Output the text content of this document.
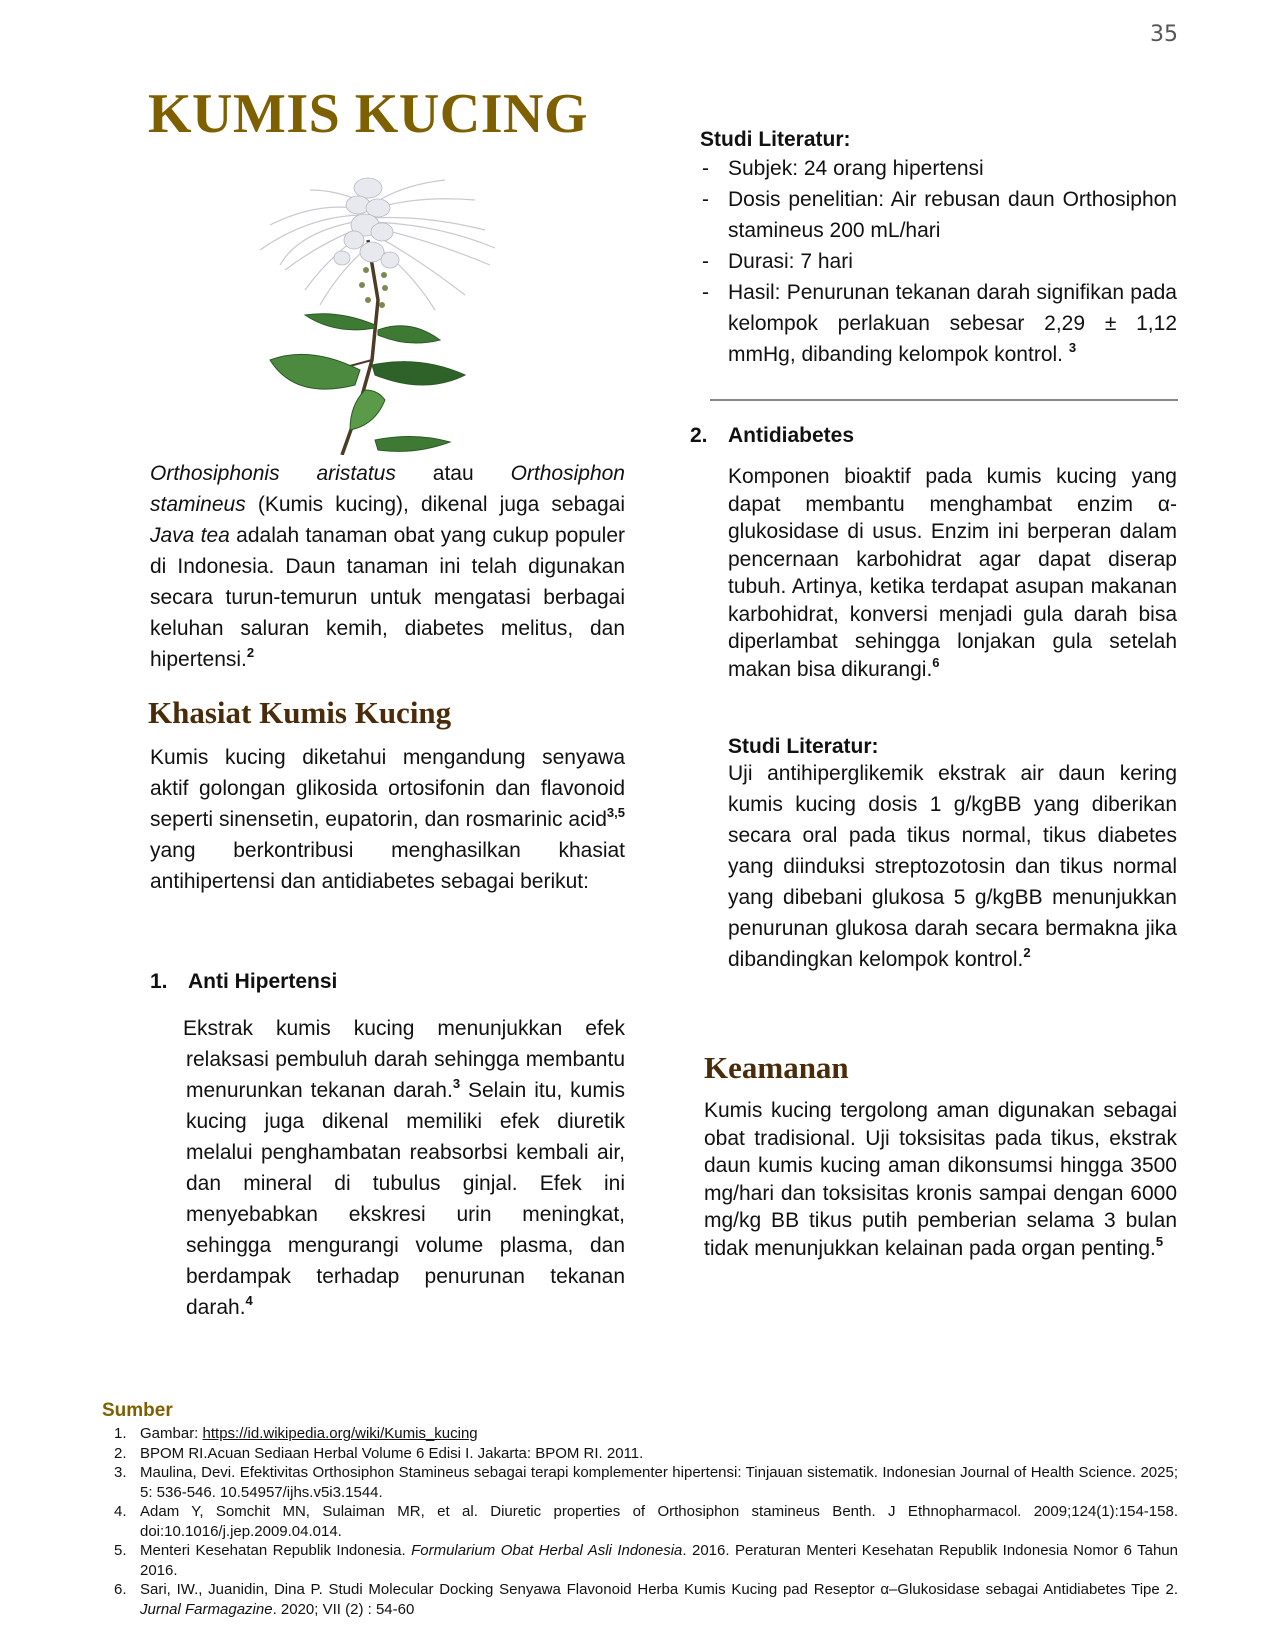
35
KUMIS KUCING
Orthosiphonis aristatus atau Orthosiphon stamineus (Kumis kucing), dikenal juga sebagai Java tea adalah tanaman obat yang cukup populer di Indonesia. Daun tanaman ini telah digunakan secara turun-temurun untuk mengatasi berbagai keluhan saluran kemih, diabetes melitus, dan hipertensi.$^2$
Khasiat Kumis Kucing
Kumis kucing diketahui mengandung senyawa aktif golongan glikosida ortosifonin dan flavonoid seperti sinensetin, eupatorin, dan rosmarinic acid$^{3,5}$ yang berkontribusi menghasilkan khasiat antihipertensi dan antidiabetes sebagai berikut:
1. Anti Hipertensi
Ekstrak kumis kucing menunjukkan efek relaksasi pembuluh darah sehingga membantu menurunkan tekanan darah.$^3$ Selain itu, kumis kucing juga dikenal memiliki efek diuretik melalui penghambatan reabsorbsi kembali air, dan mineral di tubulus ginjal. Efek ini menyebabkan ekskresi urin meningkat, sehingga mengurangi volume plasma, dan berdampak terhadap penurunan tekanan darah.$^4$
Studi Literatur:
- Subjek: 24 orang hipertensi
- Dosis penelitian: Air rebusan daun Orthosiphon stamineus 200 mL/hari
- Durasi: 7 hari
- Hasil: Penurunan tekanan darah signifikan pada kelompok perlakuan sebesar 2,29 ± 1,12 mmHg, dibanding kelompok kontrol. $^3$
2. Antidiabetes
Komponen bioaktif pada kumis kucing yang dapat membantu menghambat enzim α-glukosidase di usus. Enzim ini berperan dalam pencernaan karbohidrat agar dapat diserap tubuh. Artinya, ketika terdapat asupan makanan karbohidrat, konversi menjadi gula darah bisa diperlambat sehingga lonjakan gula setelah makan bisa dikurangi.$^6$
Studi Literatur:
Uji antihiperglikemik ekstrak air daun kering kumis kucing dosis 1 g/kgBB yang diberikan secara oral pada tikus normal, tikus diabetes yang diinduksi streptozotosin dan tikus normal yang dibebani glukosa 5 g/kgBB menunjukkan penurunan glukosa darah secara bermakna jika dibandingkan kelompok kontrol.$^2$
Keamanan
Kumis kucing tergolong aman digunakan sebagai obat tradisional. Uji toksisitas pada tikus, ekstrak daun kumis kucing aman dikonsumsi hingga 3500 mg/hari dan toksisitas kronis sampai dengan 6000 mg/kg BB tikus putih pemberian selama 3 bulan tidak menunjukkan kelainan pada organ penting.$^5$
Sumber
1. Gambar: https://id.wikipedia.org/wiki/Kumis_kucing
2. BPOM RI.Acuan Sediaan Herbal Volume 6 Edisi I. Jakarta: BPOM RI. 2011.
3. Maulina, Devi. Efektivitas Orthosiphon Stamineus sebagai terapi komplementer hipertensi: Tinjauan sistematik. Indonesian Journal of Health Science. 2025; 5: 536-546. 10.54957/ijhs.v5i3.1544.
4. Adam Y, Somchit MN, Sulaiman MR, et al. Diuretic properties of Orthosiphon stamineus Benth. J Ethnopharmacol. 2009;124(1):154-158. doi:10.1016/j.jep.2009.04.014.
5. Menteri Kesehatan Republik Indonesia. Formularium Obat Herbal Asli Indonesia. 2016. Peraturan Menteri Kesehatan Republik Indonesia Nomor 6 Tahun 2016.
6. Sari, IW., Juanidin, Dina P. Studi Molecular Docking Senyawa Flavonoid Herba Kumis Kucing pad Reseptor α–Glukosidase sebagai Antidiabetes Tipe 2. Jurnal Farmagazine. 2020; VII (2) : 54-60
